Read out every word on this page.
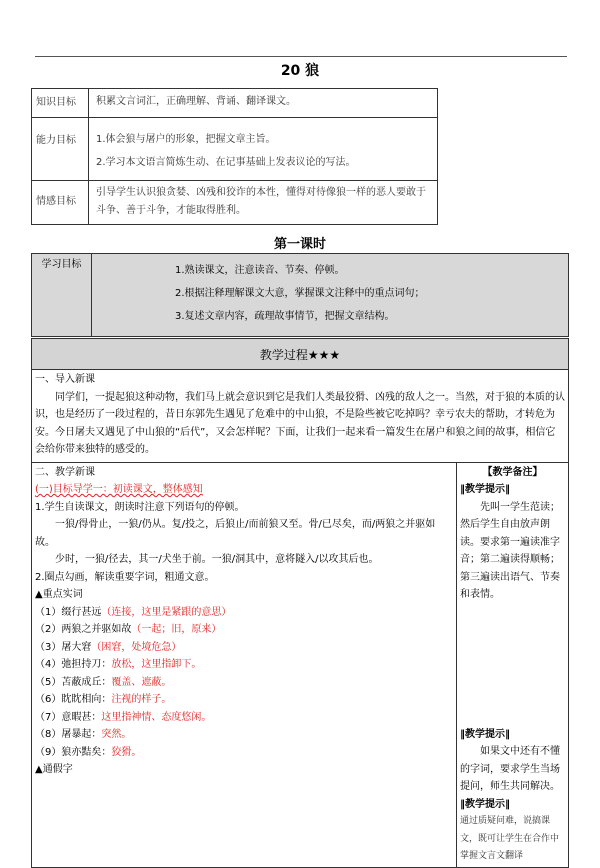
20 狼
知识目标	积累文言词汇，正确理解、背诵、翻译课文。

能力目标	1.体会狼与屠户的形象，把握文章主旨。
2.学习本文语言简炼生动、在记事基础上发表议论的写法。

情感目标	引导学生认识狼贪婪、凶残和狡诈的本性，懂得对待像狼一样的恶人要敢于斗争、善于斗争，才能取得胜利。
第一课时
学习目标	
1.熟读课文，注意读音、节奏、停顿。
2.根据注释理解课文大意，掌握课文注释中的重点词句；
3.复述文章内容，疏理故事情节，把握文章结构。
教学过程★★★

一、导入新课
同学们，一提起狼这种动物，我们马上就会意识到它是我们人类最狡猾、凶残的敌人之一。当然，对于狼的本质的认识，也是经历了一段过程的，昔日东郭先生遇见了危难中的中山狼，不是险些被它吃掉吗？幸亏农夫的帮助，才转危为安。今日屠夫又遇见了中山狼的“后代”，又会怎样呢？下面，让我们一起来看一篇发生在屠户和狼之间的故事，相信它会给你带来独特的感受的。

二、教学新课
(一)目标导学一：初读课文，整体感知
1.学生自读课文，朗读时注意下列语句的停顿。
一狼/得骨止，一狼/仍从。复/投之，后狼止/而前狼又至。骨/已尽矣，而/两狼之并驱如故。
少时，一狼/径去，其一/犬坐于前。一狼/洞其中，意将隧入/以攻其后也。
2.圈点勾画，解读重要字词，粗通文意。
▲重点实词
（1）缀行甚远（连接，这里是紧跟的意思）
（2）两狼之并驱如故（一起；旧，原来）
（3）屠大窘（困窘，处境危急）
（4）弛担持刀：放松，这里指卸下。
（5）苫蔽成丘：覆盖、遮蔽。
（6）眈眈相向：注视的样子。
（7）意暇甚：这里指神情、态度悠闲。
（8）屠暴起：突然。
（9）狼亦黠矣：狡猾。
▲通假字

【教学备注】
‖教学提示‖
先叫一学生范读；然后学生自由放声朗读。要求第一遍读准字音；第二遍读得顺畅；第三遍读出语气、节奏和表情。
‖教学提示‖
如果文中还有不懂的字词，要求学生当场提问，师生共同解决。
‖教学提示‖
通过质疑问难，说搞课文，既可让学生在合作中掌握文言文翻译
